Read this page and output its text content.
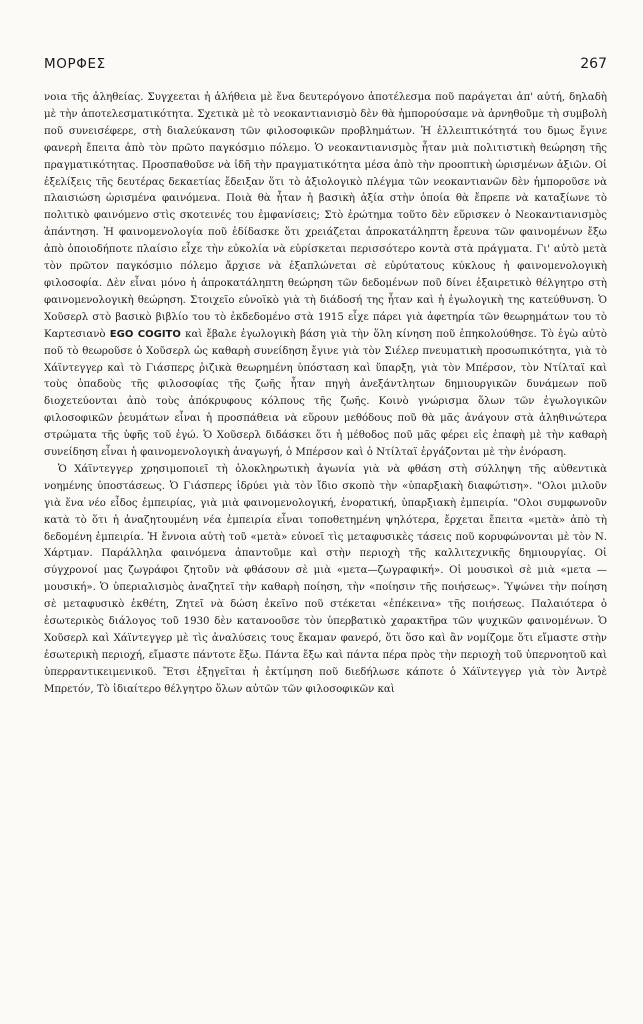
ΜΟΡΦΕΣ	267

νοια τῆς ἀληθείας. Συγχεεται ἡ ἀλήθεια μὲ ἕνα δευτερόγονο ἀποτέλεσμα ποῦ παράγεται ἀπ' αὐτή, δηλαδὴ μὲ τὴν ἀποτελεσματικότητα. Σχετικὰ μὲ τὸ νεοκαντιανισμὸ δὲν θὰ ἠμπορούσαμε νὰ ἀρνηθοῦμε τὴ συμβολὴ ποῦ συνεισέφερε, στὴ διαλεύκανση τῶν φιλοσοφικῶν προβλημάτων. Ἡ ἐλλειπτικότητά του δμως ἔγινε φανερὴ ἔπειτα ἀπὸ τὸν πρῶτο παγκόσμιο πόλεμο. Ὁ νεοκαντιανισμὸς ἦταν μιὰ πολιτιστικὴ θεώρηση τῆς πραγματικότητας. Προσπαθοῦσε νὰ ἰδῆ τὴν πραγματικότητα μέσα ἀπὸ τὴν προοπτικὴ ὡρισμένων ἀξιῶν. Οἱ ἐξελίξεις τῆς δευτέρας δεκαετίας ἔδειξαν ὅτι τὸ ἀξιολογικὸ πλέγμα τῶν νεοκαντιανῶν δὲν ἠμποροῦσε νὰ πλαισιώση ὡρισμένα φαινόμενα. Ποιὰ θὰ ἦταν ἡ βασικὴ ἀξία στὴν ὁποία θὰ ἔπρεπε νὰ καταξίωνε τὸ πολιτικὸ φαινόμενο στὶς σκοτεινές του ἐμφανίσεις; Στὸ ἐρώτημα τοῦτο δὲν εὕρισκεν ὁ Νεοκαντιανισμὸς ἀπάντηση. Ἡ φαινομενολογία ποῦ ἐδίδασκε ὅτι χρειάζεται ἀπροκατάληπτη ἔρευνα τῶν φαινομένων ἔξω ἀπὸ ὁποιοδήποτε πλαίσιο εἶχε τὴν εὐκολία νὰ εὑρίσκεται περισσότερο κοντὰ στὰ πράγματα. Γι' αὐτὸ μετὰ τὸν πρῶτον παγκόσμιο πόλεμο ἄρχισε νὰ ἐξαπλώνεται σὲ εὐρύτατους κύκλους ἡ φαινομενολογικὴ φιλοσοφία. Δὲν εἶναι μόνο ἡ ἀπροκατάληπτη θεώρηση τῶν δεδομένων ποῦ δίνει ἐξαιρετικὸ θέλγητρο στὴ φαινομενολογικὴ θεώρηση. Στοιχεῖο εὐνοϊκὸ γιὰ τὴ διάδοσή της ἦταν καὶ ἡ ἐγωλογικὴ της κατεύθυνση. Ὁ Χοῦσερλ στὸ βασικὸ βιβλίο του τὸ ἐκδεδομένο στὰ 1915 εἶχε πάρει γιὰ ἀφετηρία τῶν θεωρημάτων του τὸ Καρτεσιανὸ EGO COGITO καὶ ἔβαλε ἐγωλογικὴ βάση γιὰ τὴν ὅλη κίνηση ποῦ ἐπηκολούθησε. Τὸ ἐγὼ αὐτὸ ποῦ τὸ θεωροῦσε ὁ Χοῦσερλ ὡς καθαρὴ συνείδηση ἔγινε γιὰ τὸν Σιέλερ πνευματικὴ προσωπικότητα, γιὰ τὸ Χάϊντεγγερ καὶ τὸ Γιάσπερς ῥιζικὰ θεωρημένη ὑπόσταση καὶ ὕπαρξη, γιὰ τὸν Μπέρσον, τὸν Ντίλταϊ καὶ τοὺς ὀπαδοὺς τῆς φιλοσοφίας τῆς ζωῆς ἦταν πηγὴ ἀνεξάντλητων δημιουργικῶν δυνάμεων ποῦ διοχετεύονται ἀπὸ τοὺς ἀπόκρυφους κόλπους τῆς ζωῆς. Κοινὸ γνώρισμα ὅλων τῶν ἐγωλογικῶν φιλοσοφικῶν ῥευμάτων εἶναι ἡ προσπάθεια νὰ εὕρουν μεθόδους ποῦ θὰ μᾶς ἀνάγουν στὰ ἀληθινώτερα στρώματα τῆς ὑφῆς τοῦ ἐγώ. Ὁ Χοῦσερλ διδάσκει ὅτι ἡ μέθοδος ποῦ μᾶς φέρει εἰς ἐπαφὴ μὲ τὴν καθαρὴ συνείδηση εἶναι ἡ φαινομενολογικὴ ἀναγωγή, ὁ Μπέρσον καὶ ὁ Ντίλταϊ ἐργάζονται μὲ τὴν ἐνόραση.

Ὁ Χάϊντεγγερ χρησιμοποιεῖ τὴ ὁλοκληρωτικὴ ἀγωνία γιὰ νὰ φθάση στὴ σύλληψη τῆς αὐθεντικὰ νοημένης ὑποστάσεως. Ὁ Γιάσπερς ἱδρύει γιὰ τὸν ἴδιο σκοπὸ τὴν «ὑπαρξιακὴ διαφώτιση». "Ολοι μιλοῦν γιὰ ἕνα νέο εἶδος ἐμπειρίας, γιὰ μιὰ φαινομενολογική, ἐνορατική, ὑπαρξιακὴ ἐμπειρία. "Ολοι συμφωνοῦν κατὰ τὸ ὅτι ἡ ἀναζητουμένη νέα ἐμπειρία εἶναι τοποθετημένη ψηλότερα, ἔρχεται ἔπειτα «μετὰ» ἀπὸ τὴ δεδομένη ἐμπειρία. Ἡ ἔννοια αὐτὴ τοῦ «μετὰ» εὐνοεῖ τὶς μεταφυσικὲς τάσεις ποῦ κορυφώνονται μὲ τὸν Ν. Χάρτμαν. Παράλληλα φαινόμενα ἀπαντοῦμε καὶ στὴν περιοχὴ τῆς καλλιτεχνικῆς δημιουργίας. Οἱ σύγχρονοί μας ζωγράφοι ζητοῦν νὰ φθάσουν σὲ μιὰ «μετα—ζωγραφική». Οἱ μουσικοὶ σὲ μιὰ «μετα — μουσική». Ὁ ὑπεριαλισμὸς ἀναζητεῖ τὴν καθαρὴ ποίηση, τὴν «ποίησιν τῆς ποιήσεως». Ὑψώνει τὴν ποίηση σὲ μεταφυσικὸ ἐκθέτη, Ζητεῖ νὰ δώση ἐκεῖνο ποῦ στέκεται «ἐπέκεινα» τῆς ποιήσεως. Παλαιότερα ὁ ἐσωτερικὸς διάλογος τοῦ 1930 δὲν κατανοοῦσε τὸν ὑπερβατικὸ χαρακτῆρα τῶν ψυχικῶν φαινομένων. Ὁ Χοῦσερλ καὶ Χάϊντεγγερ μὲ τὶς ἀναλύσεις τους ἔκαμαν φανερό, ὅτι ὅσο καὶ ἂν νομίζομε ὅτι εἴμαστε στὴν ἐσωτερικὴ περιοχή, εἴμαστε πάντοτε ἔξω. Πάντα ἔξω καὶ πάντα πέρα πρὸς τὴν περιοχὴ τοῦ ὑπερνοητοῦ καὶ ὑπερραντικειμενικοῦ. Ἔτσι ἐξηγεῖται ἡ ἐκτίμηση ποῦ διεδήλωσε κάποτε ὁ Χάϊντεγγερ γιὰ τὸν Ἀντρὲ Μπρετόν, Τὸ ἰδιαίτερο θέλγητρο ὅλων αὐτῶν τῶν φιλοσοφικῶν καὶ
